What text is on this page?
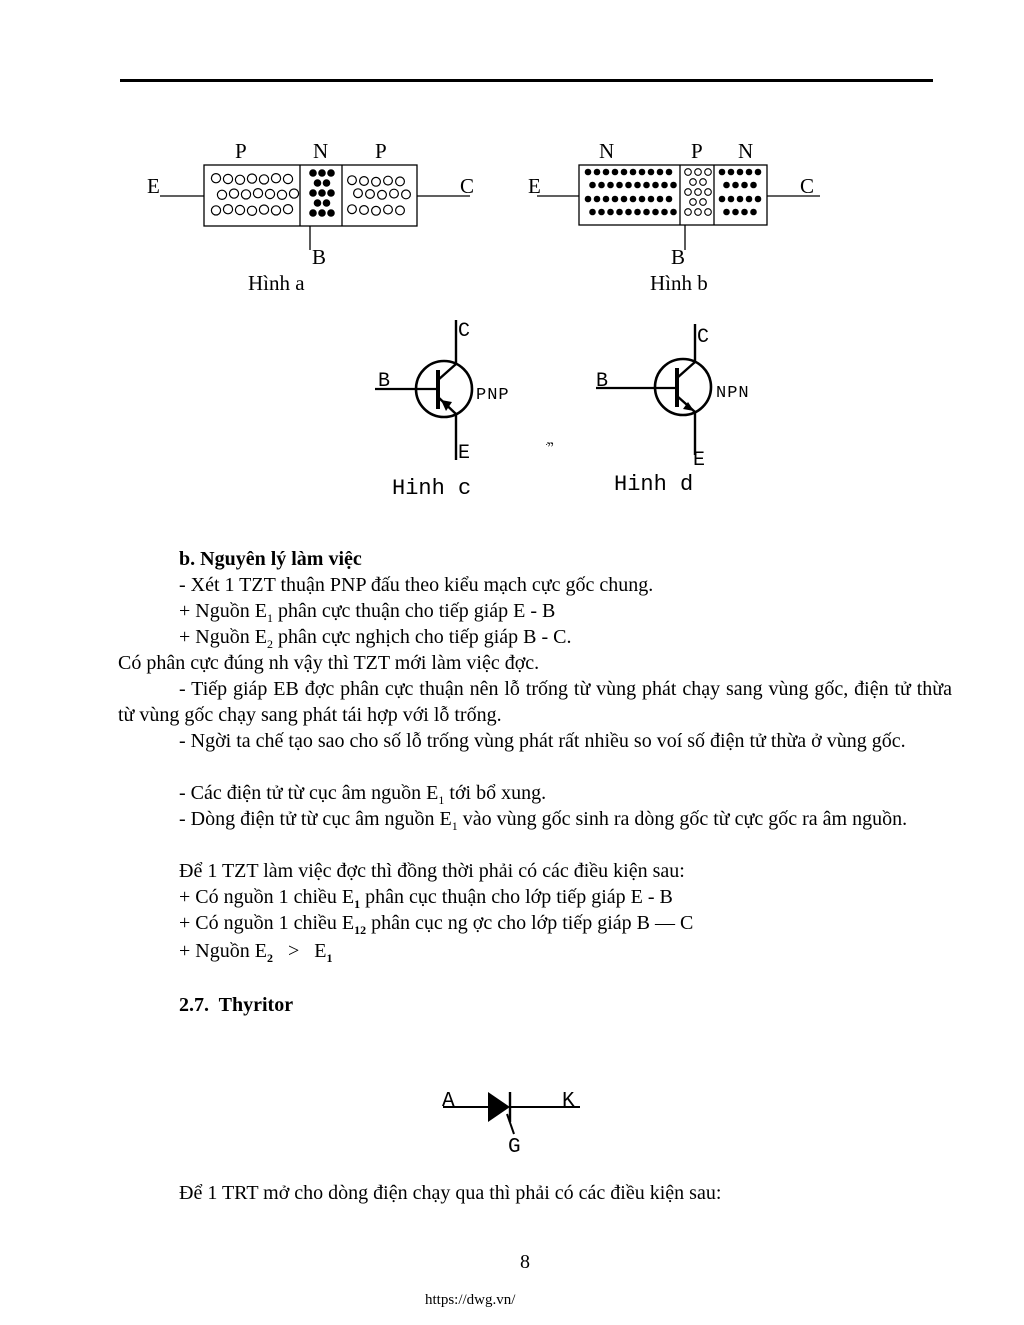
P	N P
E	C
B
Hình a
N	P N
E	C
B
Hình b
C
B
E
PNP
Hinh c
ײּ
C
B
E
NPN
Hinh d
A	K
G
b. Nguyên lý làm việc
- Xét 1 TZT thuận PNP đấu theo kiểu mạch cực gốc chung.
+ Nguồn $E_1$ phân cực thuận cho tiếp giáp E - B
+ Nguồn $E_2$ phân cực nghịch cho tiếp giáp B - C.
Có phân cực đúng nh vậy thì TZT mới làm việc đợc.
- Tiếp giáp EB đợc phân cực thuận nên lỗ trống từ vùng phát chạy sang vùng gốc, điện tử thừa từ vùng gốc chạy sang phát tái hợp với lỗ trống.
- Ngời ta chế tạo sao cho số lỗ trống vùng phát rất nhiều so voí số điện tử thừa ở vùng gốc.
- Các điện tử từ cục âm nguồn $E_1$ tới bổ xung.
- Dòng điện tử từ cục âm nguồn $E_1$ vào vùng gốc sinh ra dòng gốc từ cực gốc ra âm nguồn.
Để 1 TZT làm việc đợc thì đồng thời phải có các điều kiện sau:
+ Có nguồn 1 chiều $E_1$ phân cục thuận cho lớp tiếp giáp E - B
+ Có nguồn 1 chiều $E_{12}$ phân cục ng ợc cho lớp tiếp giáp B — C
+ Nguồn $E_2 > E_1$
2.7.  Thyritor
Để 1 TRT mở cho dòng điện chạy qua thì phải có các điều kiện sau:
8
https://dwg.vn/
